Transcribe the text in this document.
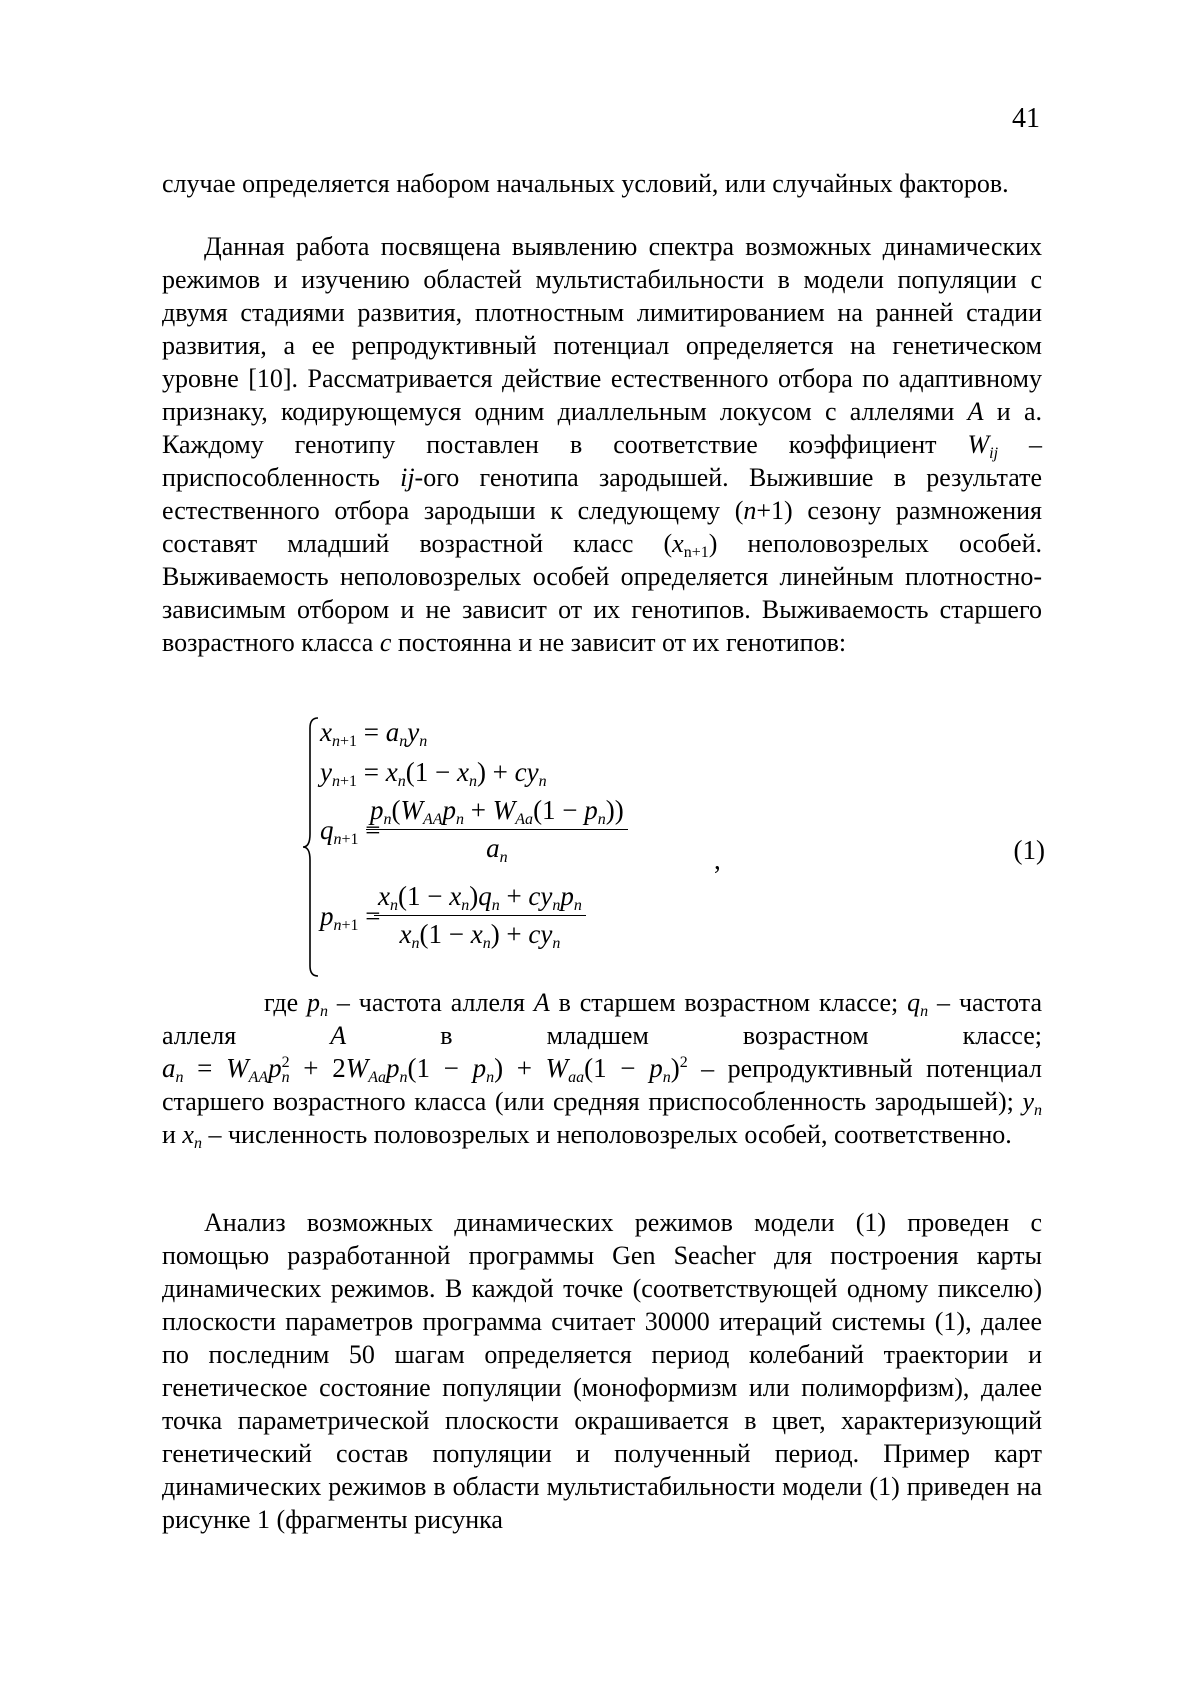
41

случае определяется набором начальных условий, или случайных факторов.

Данная работа посвящена выявлению спектра возможных динамических режимов и изучению областей мультистабильности в модели популяции с двумя стадиями развития, плотностным лимитированием на ранней стадии развития, а ее репродуктивный потенциал определяется на генетическом уровне [10]. Рассматривается действие естественного отбора по адаптивному признаку, кодирующемуся одним диаллельным локусом с аллелями A и а. Каждому генотипу поставлен в соответствие коэффициент Wij – приспособленность ij-ого генотипа зародышей. Выжившие в результате естественного отбора зародыши к следующему (n+1) сезону размножения составят младший возрастной класс (xn+1) неполовозрелых особей. Выживаемость неполовозрелых особей определяется линейным плотностно-зависимым отбором и не зависит от их генотипов. Выживаемость старшего возрастного класса c постоянна и не зависит от их генотипов:

xn+1 = anyn
yn+1 = xn(1 − xn) + cyn
qn+1 =
pn(WAApn + WAa(1 − pn))
an	,
pn+1 =
xn(1 − xn)qn + cynpn
xn(1 − xn) + cyn
(1)

где pn – частота аллеля A в старшем возрастном классе; qn – частота аллеля A в младшем возрастном классе; an = WAAp2n + 2WAapn(1 − pn) + Waa(1 − pn)2 – репродуктивный потенциал старшего возрастного класса (или средняя приспособленность зародышей); yn и xn – численность половозрелых и неполовозрелых особей, соответственно.

Анализ возможных динамических режимов модели (1) проведен с помощью разработанной программы Gen Seacher для построения карты динамических режимов. В каждой точке (соответствующей одному пикселю) плоскости параметров программа считает 30000 итераций системы (1), далее по последним 50 шагам определяется период колебаний траектории и генетическое состояние популяции (моноформизм или полиморфизм), далее точка параметрической плоскости окрашивается в цвет, характеризующий генетический состав популяции и полученный период. Пример карт динамических режимов в области мультистабильности модели (1) приведен на рисунке 1 (фрагменты рисунка
